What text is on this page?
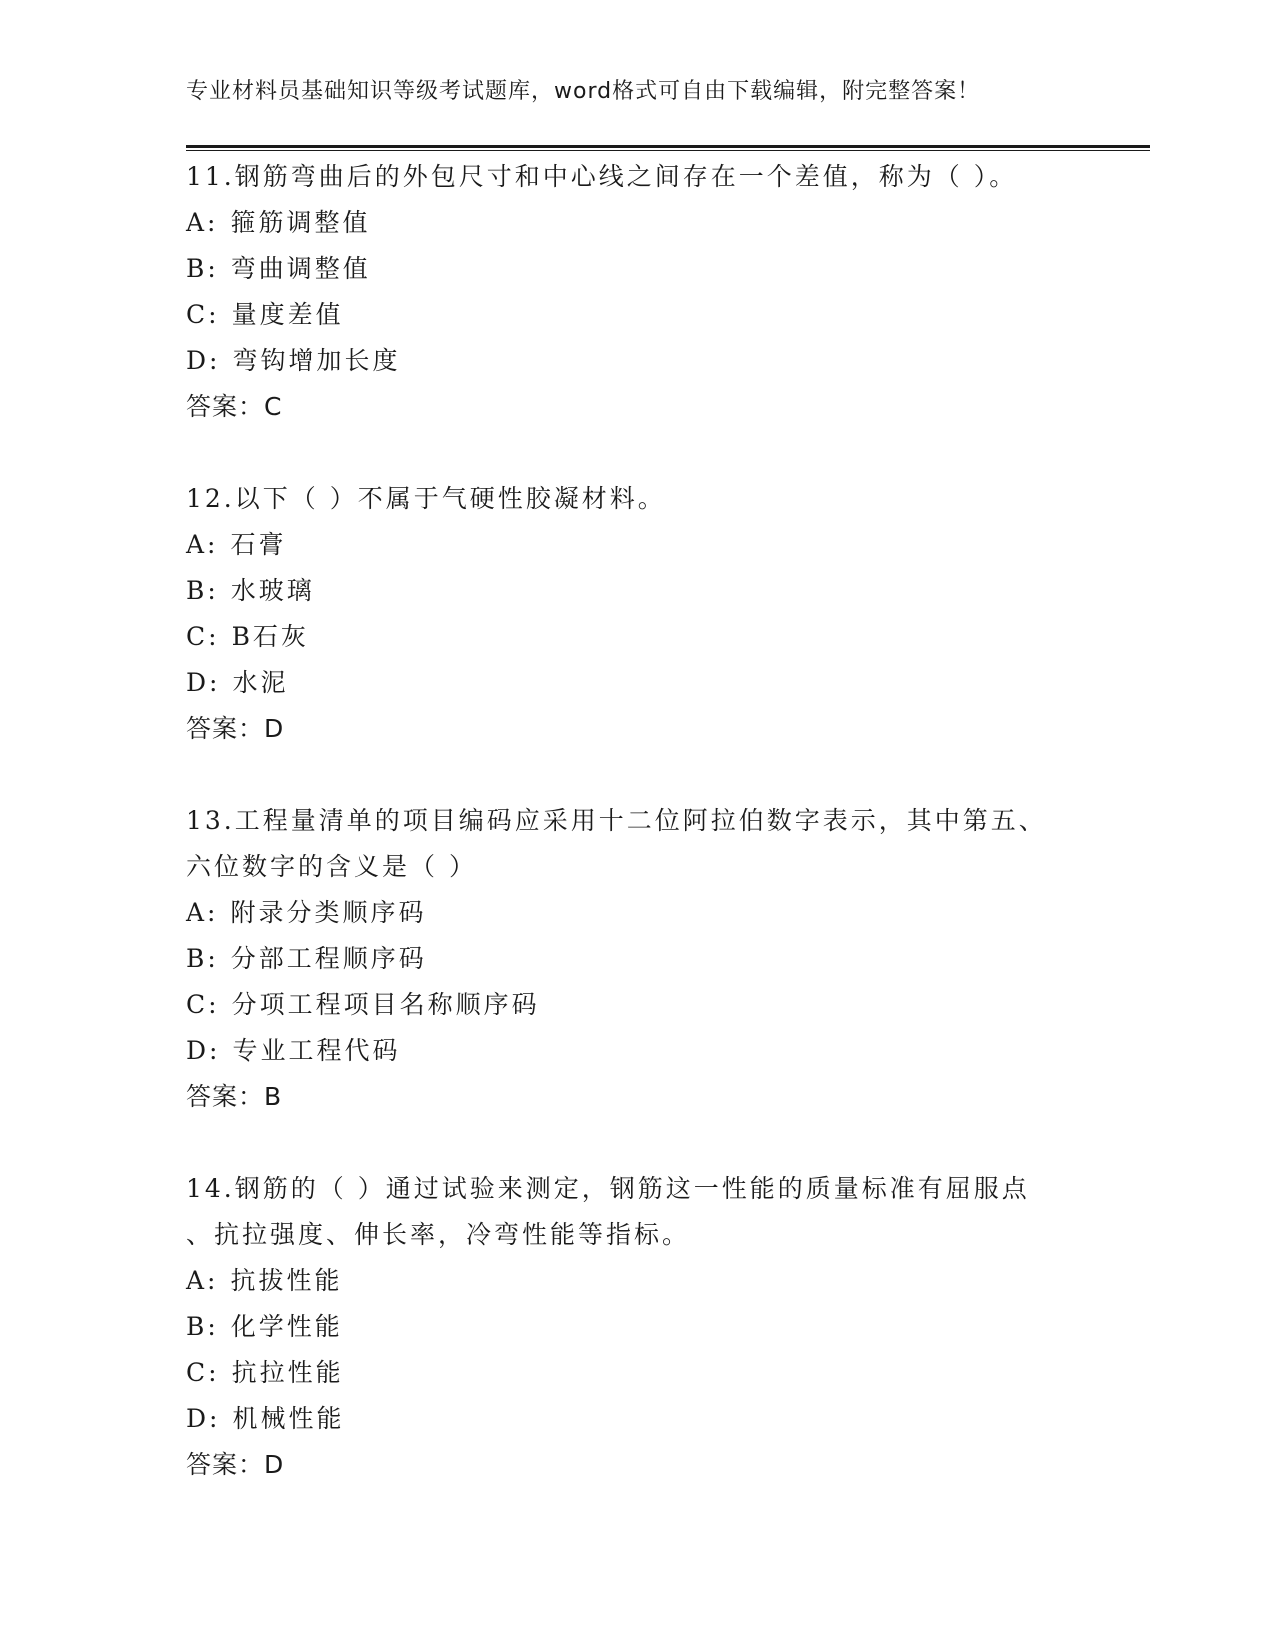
专业材料员基础知识等级考试题库，word格式可自由下载编辑，附完整答案！
11.钢筋弯曲后的外包尺寸和中心线之间存在一个差值，称为（ ）。
A: 箍筋调整值
B: 弯曲调整值
C: 量度差值
D: 弯钩增加长度
答案：C
12.以下（ ）不属于气硬性胶凝材料。
A: 石膏
B: 水玻璃
C: B石灰
D: 水泥
答案：D
13.工程量清单的项目编码应采用十二位阿拉伯数字表示，其中第五、
六位数字的含义是（ ）
A: 附录分类顺序码
B: 分部工程顺序码
C: 分项工程项目名称顺序码
D: 专业工程代码
答案：B
14.钢筋的（ ）通过试验来测定，钢筋这一性能的质量标准有屈服点
、抗拉强度、伸长率，冷弯性能等指标。
A: 抗拔性能
B: 化学性能
C: 抗拉性能
D: 机械性能
答案：D
